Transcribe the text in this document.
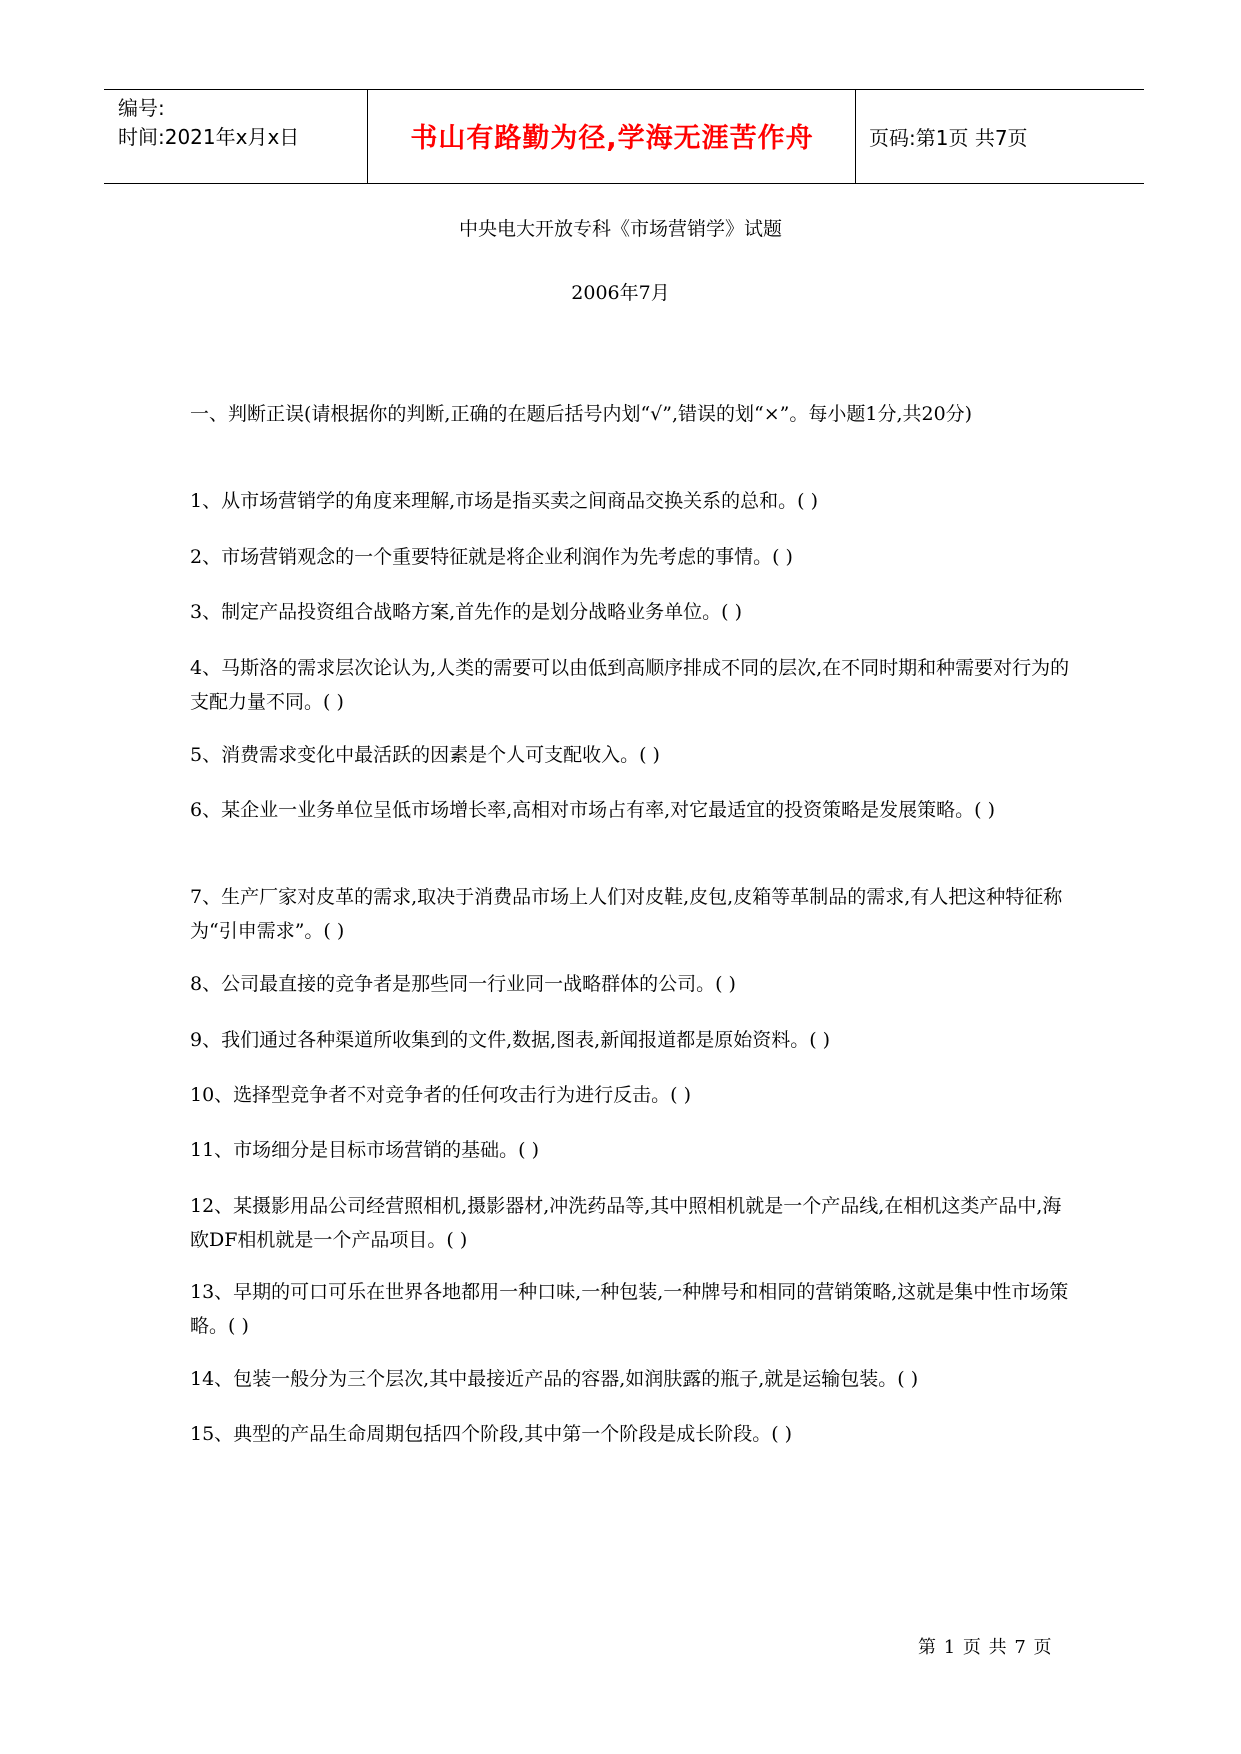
编号:
时间:2021年x月x日	书山有路勤为径,学海无涯苦作舟	页码:第1页 共7页
中央电大开放专科《市场营销学》试题
2006年7月
一、判断正误(请根据你的判断,正确的在题后括号内划“√”,错误的划“×”。每小题1分,共20分)
1、从市场营销学的角度来理解,市场是指买卖之间商品交换关系的总和。( )
2、市场营销观念的一个重要特征就是将企业利润作为先考虑的事情。( )
3、制定产品投资组合战略方案,首先作的是划分战略业务单位。( )
4、马斯洛的需求层次论认为,人类的需要可以由低到高顺序排成不同的层次,在不同时期和种需要对行为的支配力量不同。( )
5、消费需求变化中最活跃的因素是个人可支配收入。( )
6、某企业一业务单位呈低市场增长率,高相对市场占有率,对它最适宜的投资策略是发展策略。( )
7、生产厂家对皮革的需求,取决于消费品市场上人们对皮鞋,皮包,皮箱等革制品的需求,有人把这种特征称为“引申需求”。( )
8、公司最直接的竞争者是那些同一行业同一战略群体的公司。( )
9、我们通过各种渠道所收集到的文件,数据,图表,新闻报道都是原始资料。( )
10、选择型竞争者不对竞争者的任何攻击行为进行反击。( )
11、市场细分是目标市场营销的基础。( )
12、某摄影用品公司经营照相机,摄影器材,冲洗药品等,其中照相机就是一个产品线,在相机这类产品中,海欧DF相机就是一个产品项目。( )
13、早期的可口可乐在世界各地都用一种口味,一种包装,一种牌号和相同的营销策略,这就是集中性市场策略。( )
14、包装一般分为三个层次,其中最接近产品的容器,如润肤露的瓶子,就是运输包装。( )
15、典型的产品生命周期包括四个阶段,其中第一个阶段是成长阶段。( )
第 1 页 共 7 页
